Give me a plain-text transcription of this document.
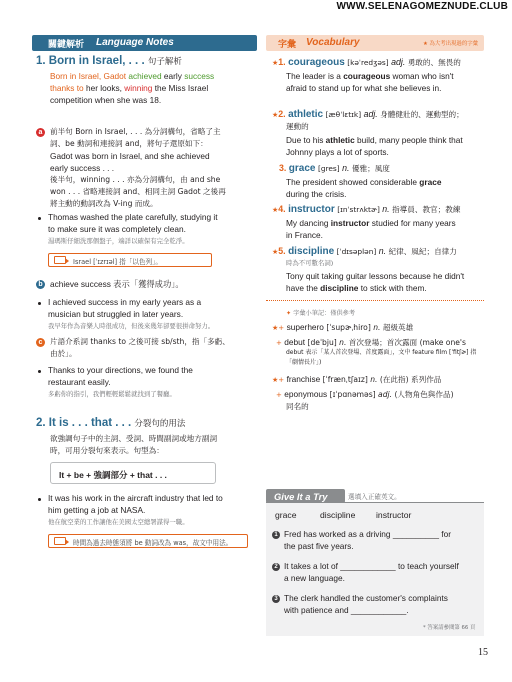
WWW.SELENAGOMEZNUDE.CLUB
關鍵解析 Language Notes
1. Born in Israel, . . . 句子解析
Born in Israel, Gadot achieved early success
thanks to her looks, winning the Miss Israel
competition when she was 18.
a 前半句 Born in Israel, . . . 為分詞構句，省略了主
詞、be 動詞和連接詞 and，將句子還原如下：
Gadot was born in Israel, and she achieved
early success . . .
後半句，winning . . . 亦為分詞構句，由 and she
won . . . 省略連接詞 and、相同主詞 Gadot 之後再
將主動的動詞改為 V-ing 而成。
Thomas washed the plate carefully, studying it
to make sure it was completely clean.
湯瑪斯仔細洗那個盤子，端詳以確保有完全乾淨。
Israel [ˈɪzrɪəl] 指「以色列」。
b achieve success 表示「獲得成功」。
I achieved success in my early years as a
musician but struggled in later years.
我早年作為音樂人時很成功，但後來幾年卻要很拼命努力。
c 片語介系詞 thanks to 之後可接 sb/sth，指「多虧、
由於」。
Thanks to your directions, we found the
restaurant easily.
多虧你的指引，我們輕輕鬆鬆就找到了餐廳。
2. It is . . . that . . . 分裂句的用法
欲強調句子中的主詞、受詞、時間副詞或地方副詞
時，可用分裂句來表示。句型為：
It + be + 強調部分 + that . . .
It was his work in the aircraft industry that led to
him getting a job at NASA.
他在航空業的工作讓他在美國太空總署謀得一職。
時間為過去時態須將 be 動詞改為 was，故文中用法。
字彙 Vocabulary	★ 為大考出現過的字彙
★1. courageous [kəˈredʒəs] adj. 勇敢的、無畏的
The leader is a courageous woman who isn't
afraid to stand up for what she believes in.
★2. athletic [æθˈlɛtɪk] adj. 身體健壯的、運動型的；
運動的
Due to his athletic build, many people think that
Johnny plays a lot of sports.
3. grace [ɡres] n. 優雅；風度
The president showed considerable grace
during the crisis.
★4. instructor [ɪnˈstrʌktɚ] n. 指導員、教官；教練
My dancing instructor studied for many years
in France.
★5. discipline [ˈdɪsəplən] n. 紀律、風紀；自律力
時為不可數名詞)
Tony quit taking guitar lessons because he didn't
have the discipline to stick with them.
✦ 字彙小筆記：僅供參考
★+ superhero [ˈsupɚˌhiro] n. 超級英雄
+ debut [deˈbju] n. 首次登場；首次露面 (make one's
debut 表示「某人首次登場、首度露面」，文中 feature film [ˈfitʃɚ] 指
「劇情長片」)
★+ franchise [ˈfrænˌtʃaɪz] n. (在此指) 系列作品
+ eponymous [ɪˈpɑnəməs] adj. (人物角色與作品)
同名的
Give It a Try	選填入正確英文。
grace	discipline instructor
1 Fred has worked as a driving __________ for
the past five years.
2 It takes a lot of ____________ to teach yourself
a new language.
3 The clerk handled the customer's complaints
with patience and ____________.
* 答案請參閱第 66 頁
15
